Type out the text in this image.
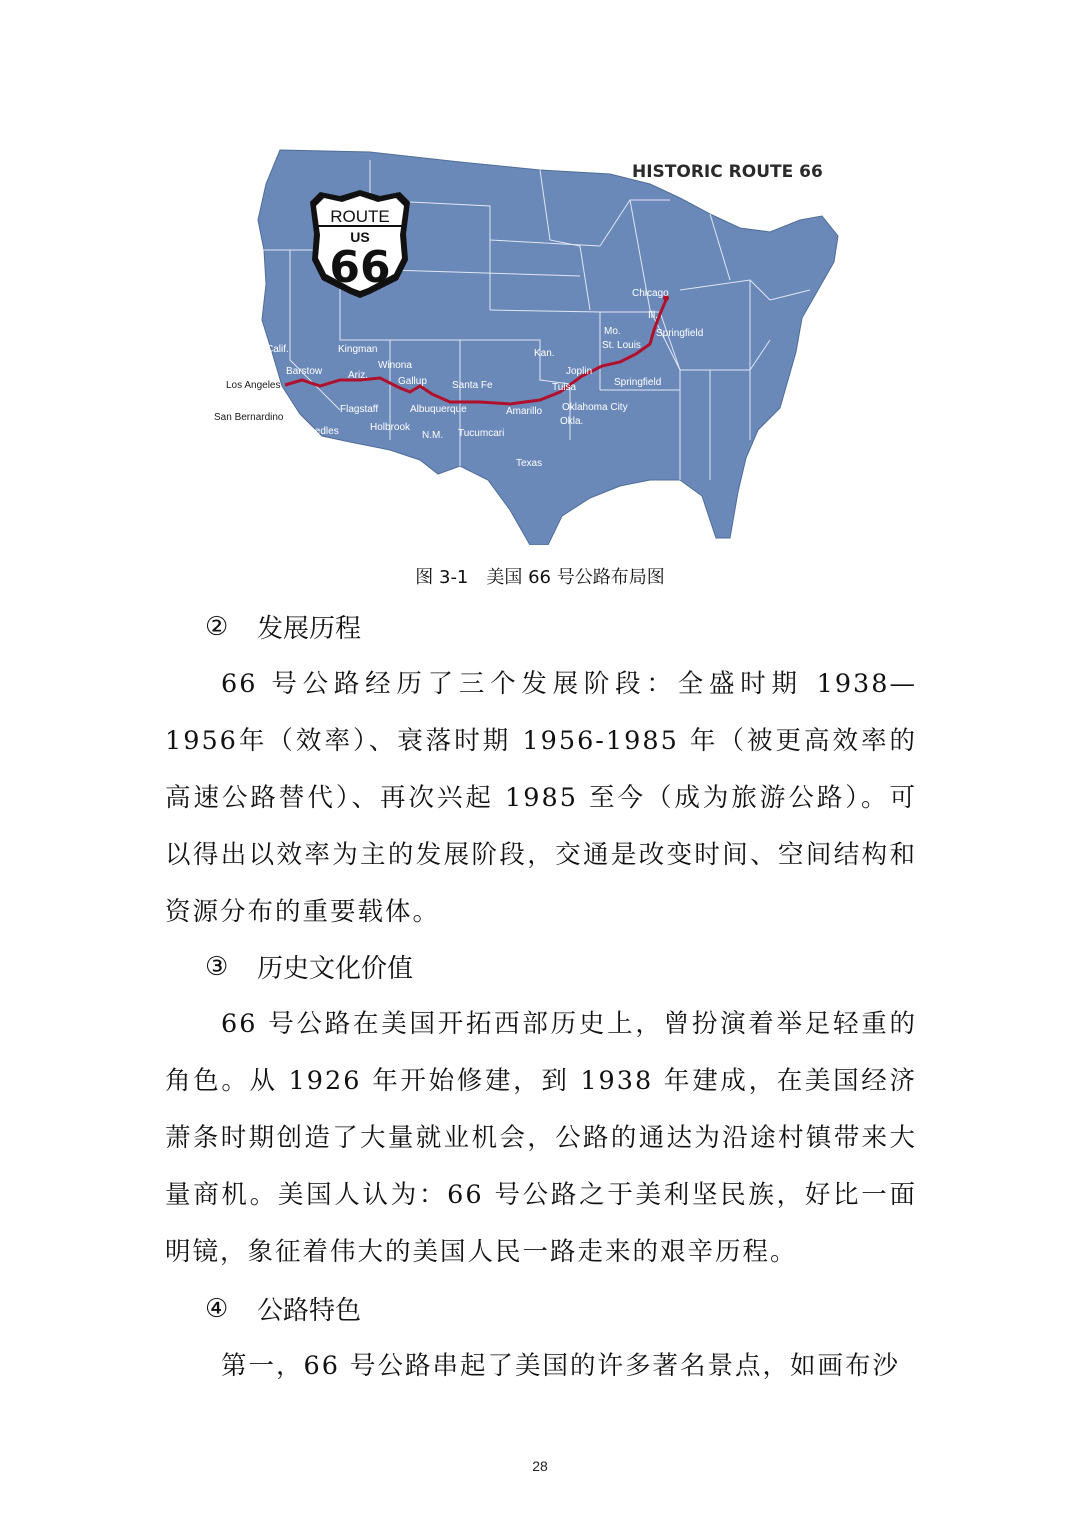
ROUTE
US
66
HISTORIC ROUTE 66
Chicago
Ill.
Springfield
Mo.
St. Louis
Joplin
Springfield
Kan.
Tulsa
Oklahoma City
Okla.
Amarillo
Texas
Tucumcari
Santa Fe
Albuquerque
N.M.
Gallup
Winona
Kingman
Ariz.
Flagstaff
Holbrook
Needles
Barstow
Calif.
Los Angeles
San Bernardino
图 3-1　美国 66 号公路布局图
②	发展历程

66 号公路经历了三个发展阶段：全盛时期 1938—1956年（效率）、衰落时期 1956-1985 年（被更高效率的高速公路替代）、再次兴起 1985 至今（成为旅游公路）。可以得出以效率为主的发展阶段，交通是改变时间、空间结构和资源分布的重要载体。

③	历史文化价值

66 号公路在美国开拓西部历史上，曾扮演着举足轻重的角色。从 1926 年开始修建，到 1938 年建成，在美国经济萧条时期创造了大量就业机会，公路的通达为沿途村镇带来大量商机。美国人认为：66 号公路之于美利坚民族，好比一面明镜，象征着伟大的美国人民一路走来的艰辛历程。

④	公路特色

第一，66 号公路串起了美国的许多著名景点，如画布沙

28
